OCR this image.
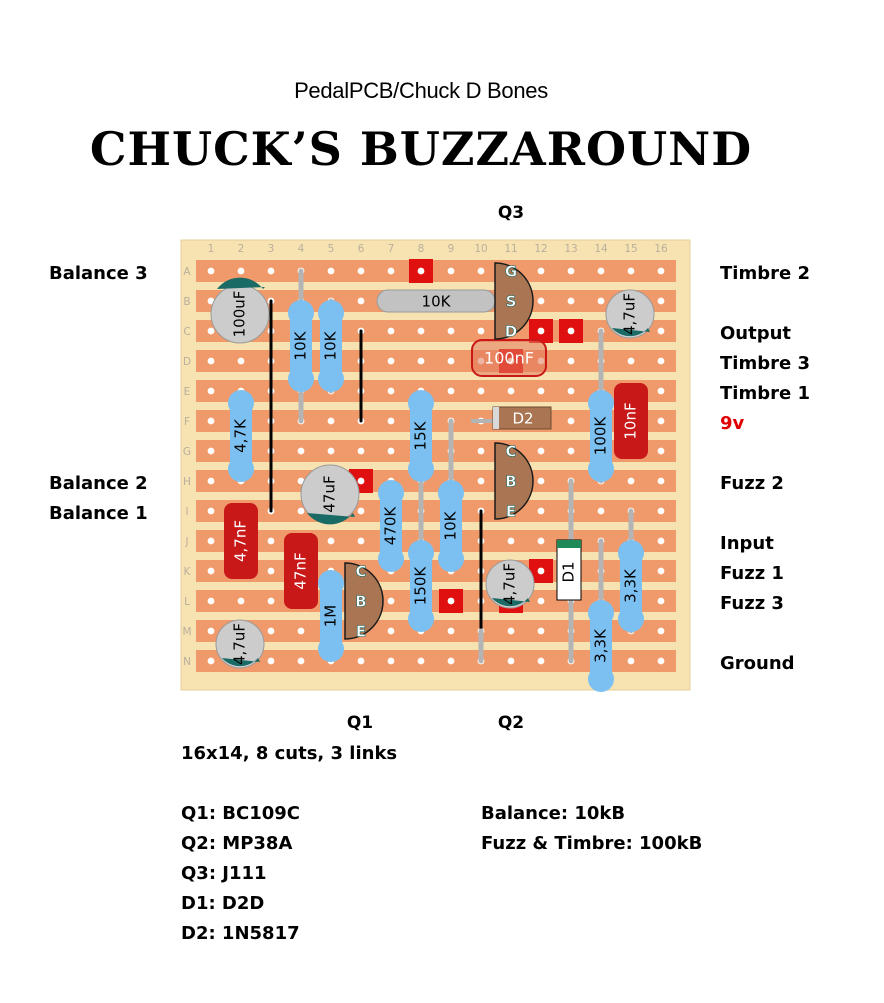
PedalPCB/Chuck D Bones
CHUCK’S BUZZAROUND
1 2 3 4 5 6 7 8 9 10 11 12 13 14 15 16
A
B
C
D
E
F
G
H
I
J
K
L
M
N
10K
10K 10K
4,7K	15K	100K
470K	10K
150K
1M
3,3K
3,3K
10nF
4,7nF
47nF
100nF
100uF	4,7uF
47uF
4,7uF
4,7uF
D2
D1
G
S
D
C
B
E
C
B
E
Balance 3
Balance 2
Balance 1
Timbre 2
Output
Timbre 3
Timbre 1
9v
Fuzz 2
Input
Fuzz 1
Fuzz 3
Ground
Q3
Q1	Q2
16x14, 8 cuts, 3 links
Q1: BC109C
Q2: MP38A
Q3: J111
D1: D2D
D2: 1N5817
Balance: 10kB
Fuzz & Timbre: 100kB
